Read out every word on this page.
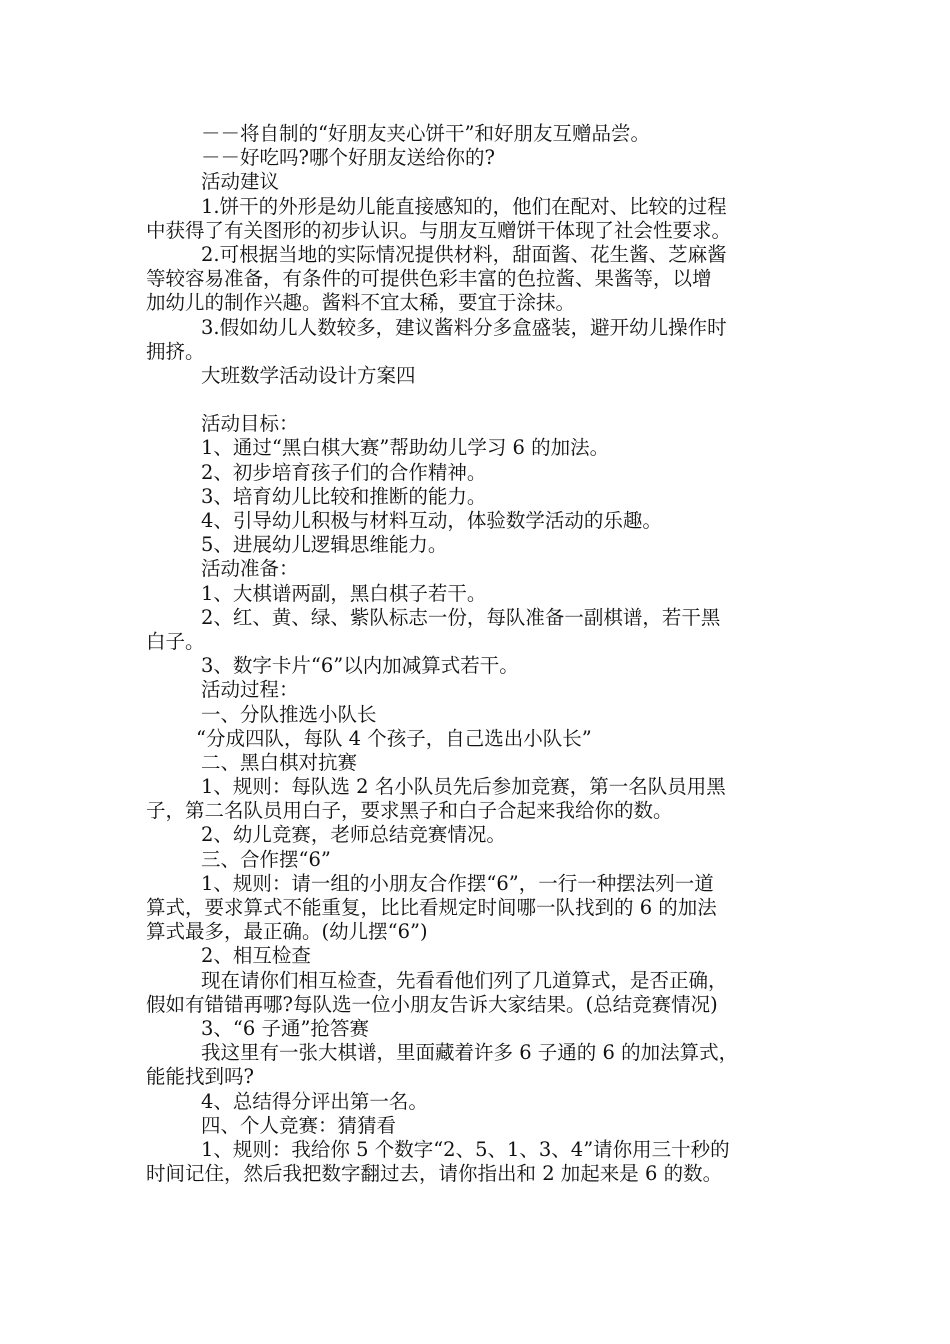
－－将自制的“好朋友夹心饼干”和好朋友互赠品尝。
－－好吃吗?哪个好朋友送给你的?
活动建议
1.饼干的外形是幼儿能直接感知的，他们在配对、比较的过程
中获得了有关图形的初步认识。与朋友互赠饼干体现了社会性要求。
2.可根据当地的实际情况提供材料，甜面酱、花生酱、芝麻酱
等较容易准备，有条件的可提供色彩丰富的色拉酱、果酱等，以增
加幼儿的制作兴趣。酱料不宜太稀，要宜于涂抹。
3.假如幼儿人数较多，建议酱料分多盒盛装，避开幼儿操作时
拥挤。
大班数学活动设计方案四
活动目标：
1、通过“黑白棋大赛”帮助幼儿学习 6 的加法。
2、初步培育孩子们的合作精神。
3、培育幼儿比较和推断的能力。
4、引导幼儿积极与材料互动，体验数学活动的乐趣。
5、进展幼儿逻辑思维能力。
活动准备：
1、大棋谱两副，黑白棋子若干。
2、红、黄、绿、紫队标志一份，每队准备一副棋谱，若干黑
白子。
3、数字卡片“6”以内加减算式若干。
活动过程：
一、分队推选小队长
“分成四队，每队 4 个孩子，自己选出小队长”
二、黑白棋对抗赛
1、规则：每队选 2 名小队员先后参加竞赛，第一名队员用黑
子，第二名队员用白子，要求黑子和白子合起来我给你的数。
2、幼儿竞赛，老师总结竞赛情况。
三、合作摆“6”
1、规则：请一组的小朋友合作摆“6”，一行一种摆法列一道
算式，要求算式不能重复，比比看规定时间哪一队找到的 6 的加法
算式最多，最正确。(幼儿摆“6”)
2、相互检查
现在请你们相互检查，先看看他们列了几道算式，是否正确，
假如有错错再哪?每队选一位小朋友告诉大家结果。(总结竞赛情况)
3、“6 子通”抢答赛
我这里有一张大棋谱，里面藏着许多 6 子通的 6 的加法算式，
能能找到吗?
4、总结得分评出第一名。
四、个人竞赛：猜猜看
1、规则：我给你 5 个数字“2、5、1、3、4”请你用三十秒的
时间记住，然后我把数字翻过去，请你指出和 2 加起来是 6 的数。
